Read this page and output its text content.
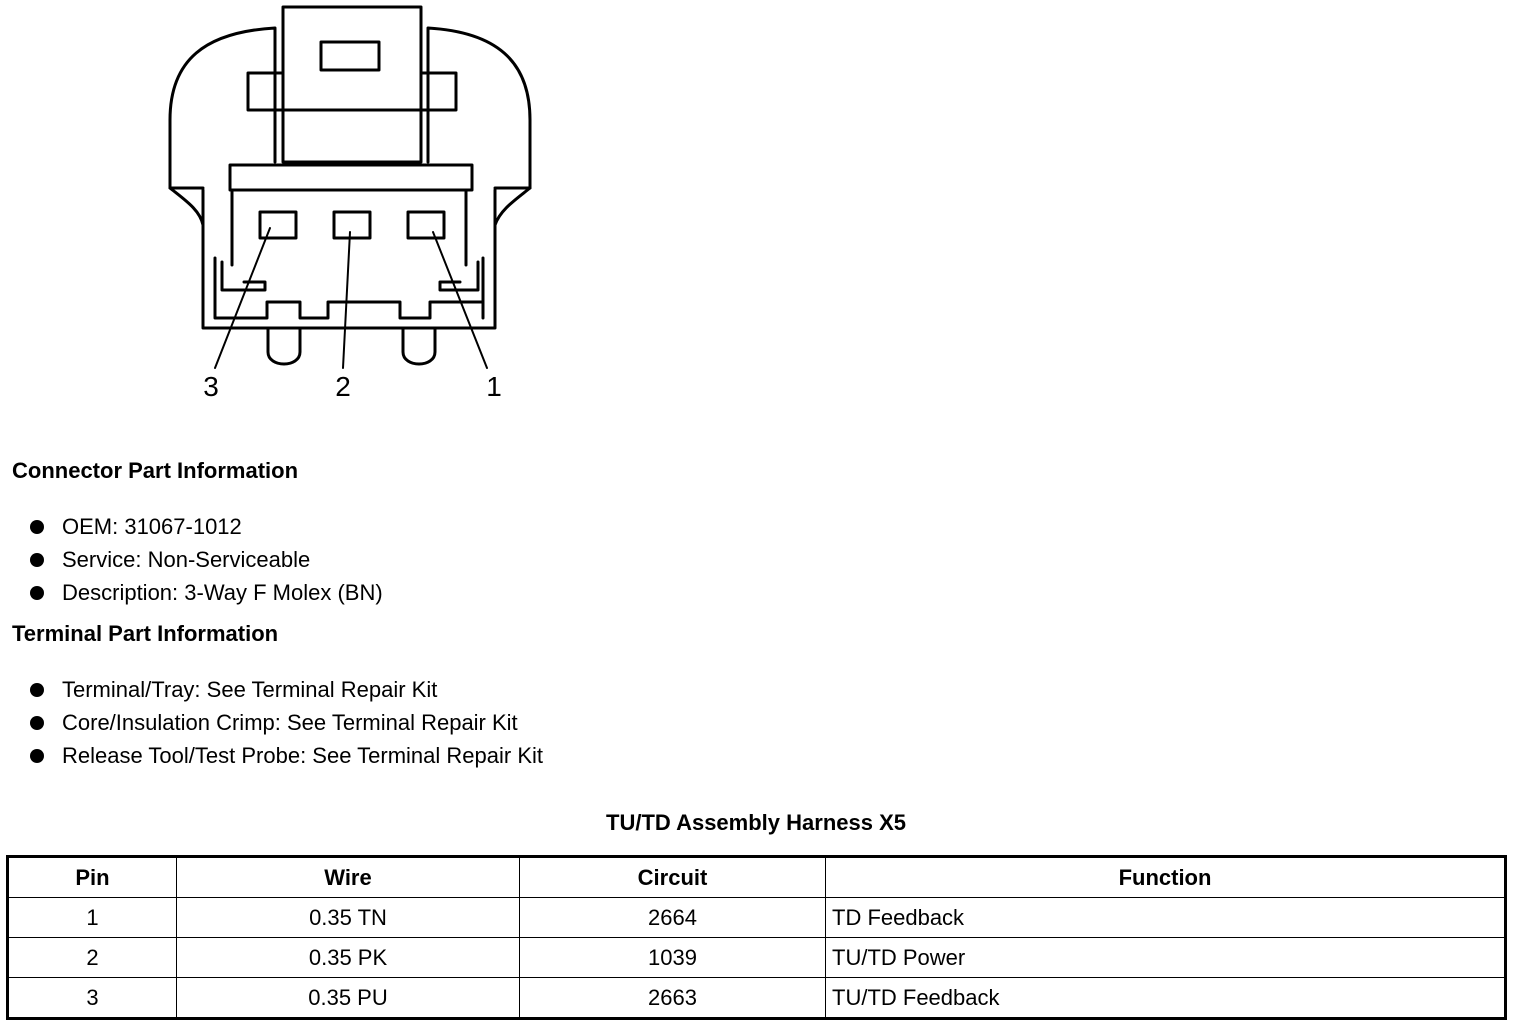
3	2	1
Connector Part Information
OEM: 31067-1012
Service: Non-Serviceable
Description: 3-Way F Molex (BN)
Terminal Part Information
Terminal/Tray: See Terminal Repair Kit
Core/Insulation Crimp: See Terminal Repair Kit
Release Tool/Test Probe: See Terminal Repair Kit
TU/TD Assembly Harness X5
Pin	Wire	Circuit	Function
1	0.35 TN	2664	TD Feedback
2	0.35 PK	1039	TU/TD Power
3	0.35 PU	2663	TU/TD Feedback
